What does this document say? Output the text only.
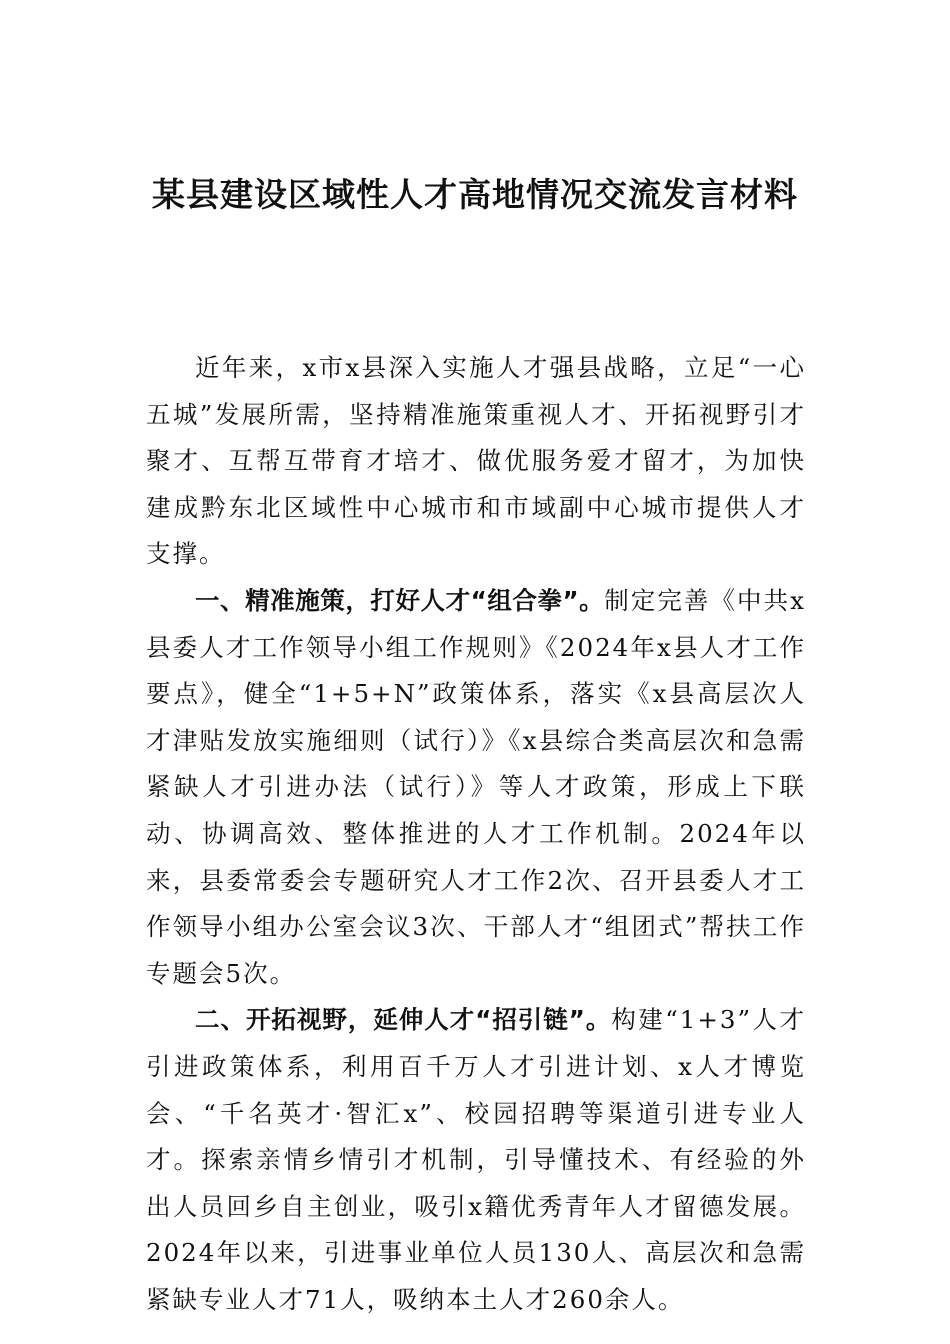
某县建设区域性人才高地情况交流发言材料

近年来，x市x县深入实施人才强县战略，立足“一心五城”发展所需，坚持精准施策重视人才、开拓视野引才聚才、互帮互带育才培才、做优服务爱才留才，为加快建成黔东北区域性中心城市和市域副中心城市提供人才支撑。

一、精准施策，打好人才“组合拳”。制定完善《中共x县委人才工作领导小组工作规则》《2024年x县人才工作要点》，健全“1+5+N”政策体系，落实《x县高层次人才津贴发放实施细则（试行）》《x县综合类高层次和急需紧缺人才引进办法（试行）》等人才政策，形成上下联动、协调高效、整体推进的人才工作机制。2024年以来，县委常委会专题研究人才工作2次、召开县委人才工作领导小组办公室会议3次、干部人才“组团式”帮扶工作专题会5次。

二、开拓视野，延伸人才“招引链”。构建“1+3”人才引进政策体系，利用百千万人才引进计划、x人才博览会、“千名英才·智汇x”、校园招聘等渠道引进专业人才。探索亲情乡情引才机制，引导懂技术、有经验的外出人员回乡自主创业，吸引x籍优秀青年人才留德发展。2024年以来，引进事业单位人员130人、高层次和急需紧缺专业人才71人，吸纳本土人才260余人。
